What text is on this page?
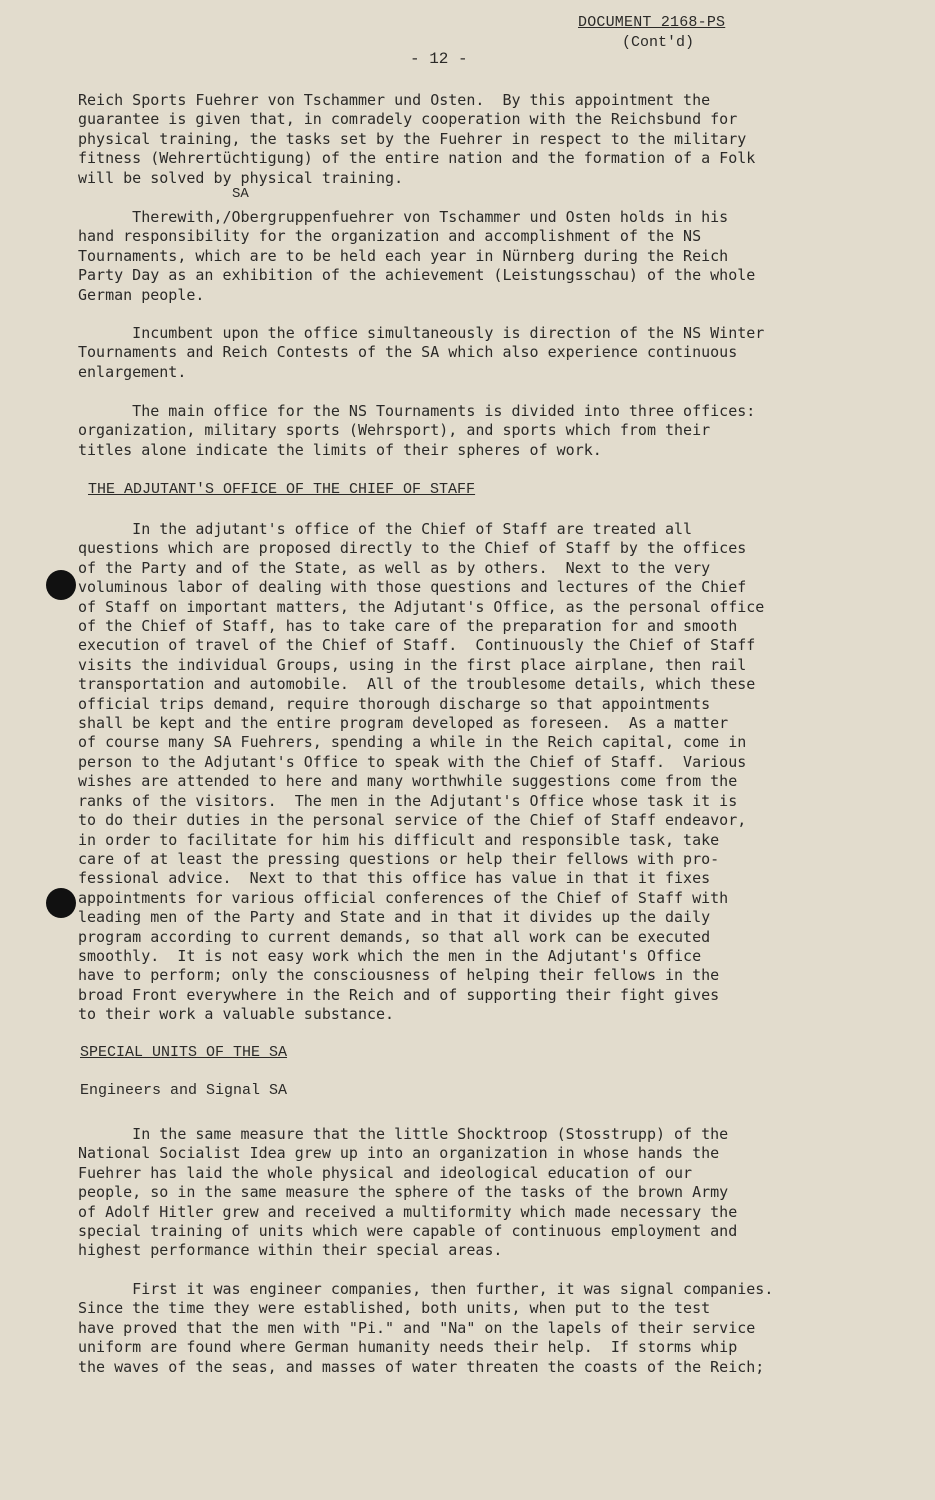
DOCUMENT 2168-PS
(Cont'd)
- 12 -
Reich Sports Fuehrer von Tschammer und Osten.  By this appointment the
guarantee is given that, in comradely cooperation with the Reichsbund for
physical training, the tasks set by the Fuehrer in respect to the military
fitness (Wehrertüchtigung) of the entire nation and the formation of a Folk
will be solved by physical training.
SA
Therewith,/Obergruppenfuehrer von Tschammer und Osten holds in his
hand responsibility for the organization and accomplishment of the NS
Tournaments, which are to be held each year in Nürnberg during the Reich
Party Day as an exhibition of the achievement (Leistungsschau) of the whole
German people.
Incumbent upon the office simultaneously is direction of the NS Winter
Tournaments and Reich Contests of the SA which also experience continuous
enlargement.
The main office for the NS Tournaments is divided into three offices:
organization, military sports (Wehrsport), and sports which from their
titles alone indicate the limits of their spheres of work.
THE ADJUTANT'S OFFICE OF THE CHIEF OF STAFF
In the adjutant's office of the Chief of Staff are treated all
questions which are proposed directly to the Chief of Staff by the offices
of the Party and of the State, as well as by others.  Next to the very
voluminous labor of dealing with those questions and lectures of the Chief
of Staff on important matters, the Adjutant's Office, as the personal office
of the Chief of Staff, has to take care of the preparation for and smooth
execution of travel of the Chief of Staff.  Continuously the Chief of Staff
visits the individual Groups, using in the first place airplane, then rail
transportation and automobile.  All of the troublesome details, which these
official trips demand, require thorough discharge so that appointments
shall be kept and the entire program developed as foreseen.  As a matter
of course many SA Fuehrers, spending a while in the Reich capital, come in
person to the Adjutant's Office to speak with the Chief of Staff.  Various
wishes are attended to here and many worthwhile suggestions come from the
ranks of the visitors.  The men in the Adjutant's Office whose task it is
to do their duties in the personal service of the Chief of Staff endeavor,
in order to facilitate for him his difficult and responsible task, take
care of at least the pressing questions or help their fellows with pro-
fessional advice.  Next to that this office has value in that it fixes
appointments for various official conferences of the Chief of Staff with
leading men of the Party and State and in that it divides up the daily
program according to current demands, so that all work can be executed
smoothly.  It is not easy work which the men in the Adjutant's Office
have to perform; only the consciousness of helping their fellows in the
broad Front everywhere in the Reich and of supporting their fight gives
to their work a valuable substance.
SPECIAL UNITS OF THE SA
Engineers and Signal SA
In the same measure that the little Shocktroop (Stosstrupp) of the
National Socialist Idea grew up into an organization in whose hands the
Fuehrer has laid the whole physical and ideological education of our
people, so in the same measure the sphere of the tasks of the brown Army
of Adolf Hitler grew and received a multiformity which made necessary the
special training of units which were capable of continuous employment and
highest performance within their special areas.
First it was engineer companies, then further, it was signal companies.
Since the time they were established, both units, when put to the test
have proved that the men with "Pi." and "Na" on the lapels of their service
uniform are found where German humanity needs their help.  If storms whip
the waves of the seas, and masses of water threaten the coasts of the Reich;
